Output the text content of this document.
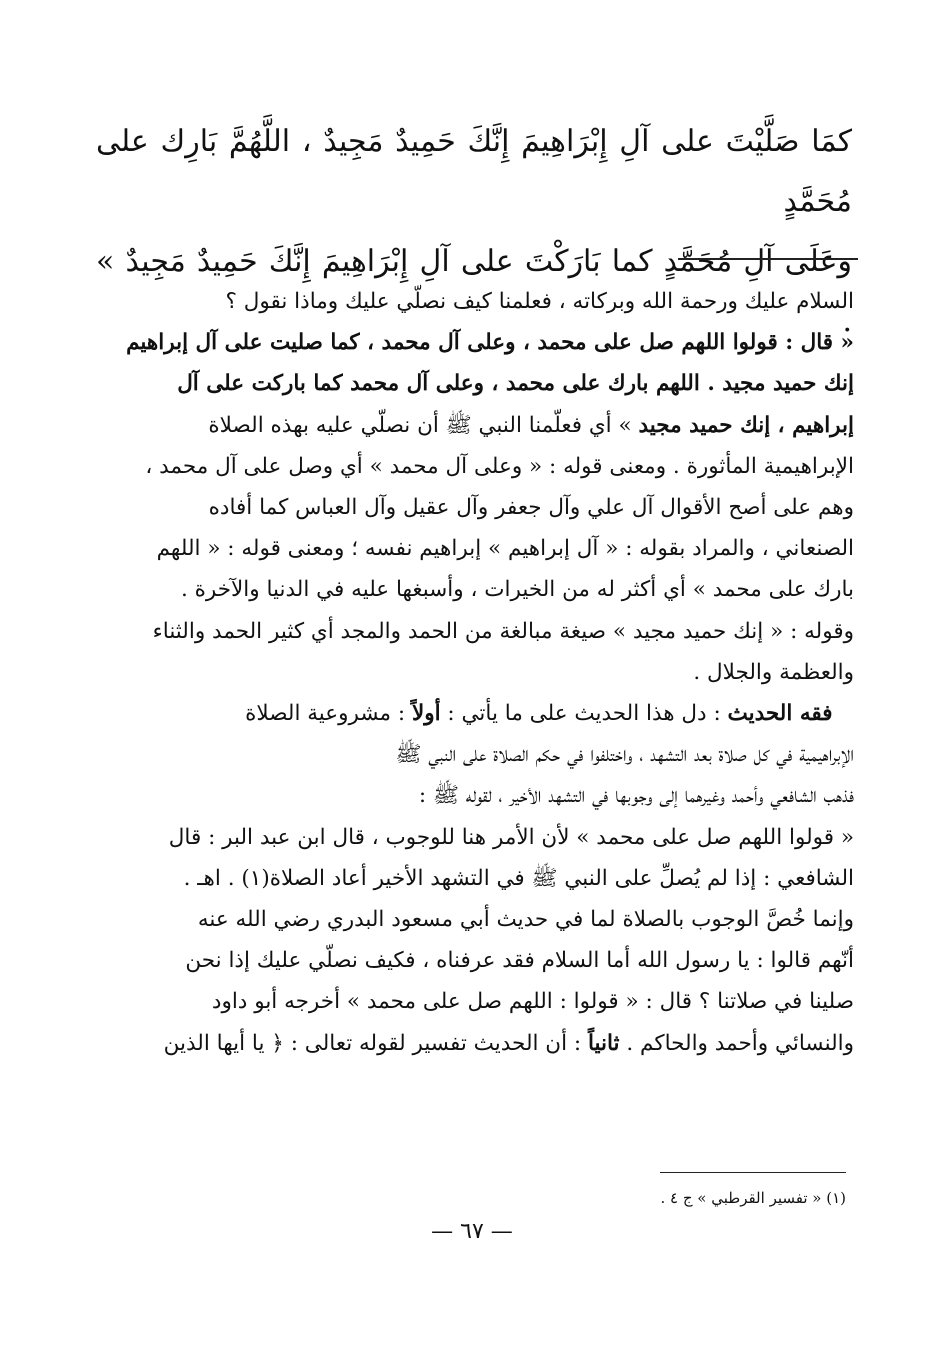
كمَا صَلَّيْتَ على آلِ إِبْرَاهِيمَ إِنَّكَ حَمِيدٌ مَجِيدٌ ، اللَّهُمَّ بَارِك على مُحَمَّدٍ

وعَلَى آلِ مُحَمَّدٍ كما بَارَكْتَ على آلِ إِبْرَاهِيمَ إِنَّكَ حَمِيدٌ مَجِيدٌ » .

السلام عليك ورحمة الله وبركاته ، فعلمنا كيف نصلّي عليك وماذا نقول ؟
« قال : قولوا اللهم صل على محمد ، وعلى آل محمد ، كما صليت على آل إبراهيم
إنك حميد مجيد . اللهم بارك على محمد ، وعلى آل محمد كما باركت على آل
إبراهيم ، إنك حميد مجيد » أي فعلّمنا النبي ﷺ أن نصلّي عليه بهذه الصلاة
الإبراهيمية المأثورة . ومعنى قوله : « وعلى آل محمد » أي وصل على آل محمد ،
وهم على أصح الأقوال آل علي وآل جعفر وآل عقيل وآل العباس كما أفاده
الصنعاني ، والمراد بقوله : « آل إبراهيم » إبراهيم نفسه ؛ ومعنى قوله : « اللهم
بارك على محمد » أي أكثر له من الخيرات ، وأسبغها عليه في الدنيا والآخرة .
وقوله : « إنك حميد مجيد » صيغة مبالغة من الحمد والمجد أي كثير الحمد والثناء
والعظمة والجلال .

 فقه الحديث : دل هذا الحديث على ما يأتي : أولاً : مشروعية الصلاة
الإبراهيمية في كل صلاة بعد التشهد ، واختلفوا في حكم الصلاة على النبي ﷺ
فذهب الشافعي وأحمد وغيرهما إلى وجوبها في التشهد الأخير ، لقوله ﷺ :
« قولوا اللهم صل على محمد » لأن الأمر هنا للوجوب ، قال ابن عبد البر : قال
الشافعي : إذا لم يُصلِّ على النبي ﷺ في التشهد الأخير أعاد الصلاة(١) . اهـ .
وإنما خُصَّ الوجوب بالصلاة لما في حديث أبي مسعود البدري رضي الله عنه
أنّهم قالوا : يا رسول الله أما السلام فقد عرفناه ، فكيف نصلّي عليك إذا نحن
صلينا في صلاتنا ؟ قال : « قولوا : اللهم صل على محمد » أخرجه أبو داود
والنسائي وأحمد والحاكم . ثانياً : أن الحديث تفسير لقوله تعالى : ﴿ يا أيها الذين

(١) « تفسير القرطبي » ج ٤ .
— ٦٧ —
